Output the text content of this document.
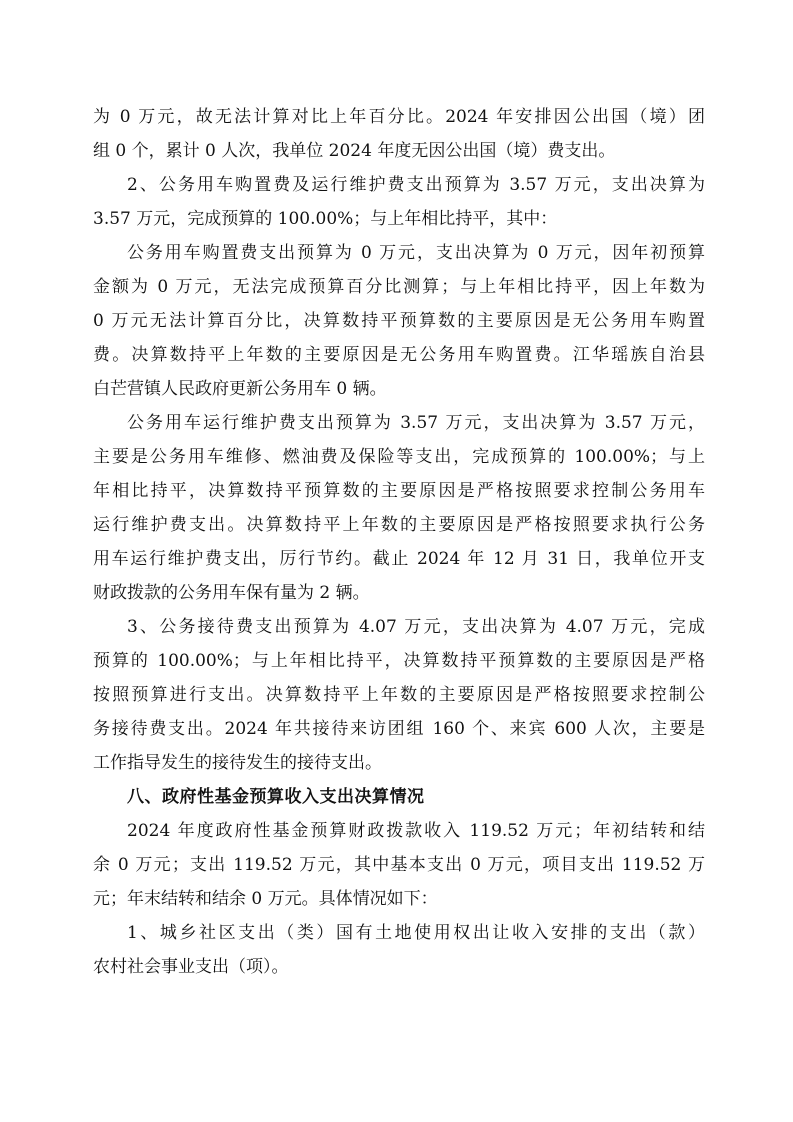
为 0 万元，故无法计算对比上年百分比。2024 年安排因公出国（境）团
组 0 个，累计 0 人次，我单位 2024 年度无因公出国（境）费支出。
2、公务用车购置费及运行维护费支出预算为 3.57 万元，支出决算为
3.57 万元，完成预算的 100.00%；与上年相比持平，其中：
公务用车购置费支出预算为 0 万元，支出决算为 0 万元，因年初预算
金额为 0 万元，无法完成预算百分比测算；与上年相比持平，因上年数为
0 万元无法计算百分比，决算数持平预算数的主要原因是无公务用车购置
费。决算数持平上年数的主要原因是无公务用车购置费。江华瑶族自治县
白芒营镇人民政府更新公务用车 0 辆。
公务用车运行维护费支出预算为 3.57 万元，支出决算为 3.57 万元，
主要是公务用车维修、燃油费及保险等支出，完成预算的 100.00%；与上
年相比持平，决算数持平预算数的主要原因是严格按照要求控制公务用车
运行维护费支出。决算数持平上年数的主要原因是严格按照要求执行公务
用车运行维护费支出，厉行节约。截止 2024 年 12 月 31 日，我单位开支
财政拨款的公务用车保有量为 2 辆。
3、公务接待费支出预算为 4.07 万元，支出决算为 4.07 万元，完成
预算的 100.00%；与上年相比持平，决算数持平预算数的主要原因是严格
按照预算进行支出。决算数持平上年数的主要原因是严格按照要求控制公
务接待费支出。2024 年共接待来访团组 160 个、来宾 600 人次，主要是
工作指导发生的接待发生的接待支出。
八、政府性基金预算收入支出决算情况
2024 年度政府性基金预算财政拨款收入 119.52 万元；年初结转和结
余 0 万元；支出 119.52 万元，其中基本支出 0 万元，项目支出 119.52 万
元；年末结转和结余 0 万元。具体情况如下：
1、城乡社区支出（类）国有土地使用权出让收入安排的支出（款）
农村社会事业支出（项）。
